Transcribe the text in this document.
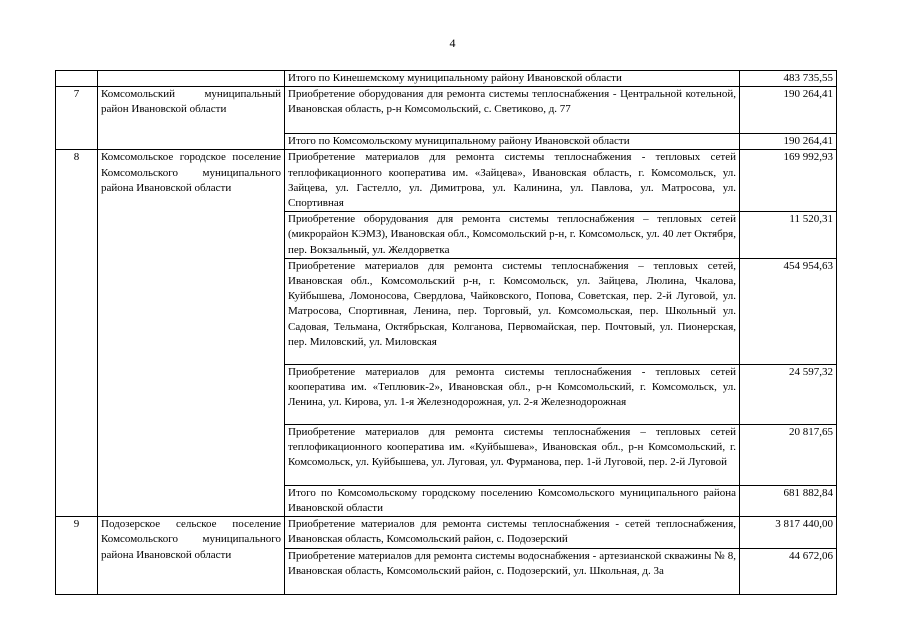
4
		Итого по Кинешемскому муниципальному району Ивановской области	483 735,55
7	Комсомольский муниципальный район Ивановской области	Приобретение оборудования для ремонта системы теплоснабжения - Центральной котельной, Ивановская область, р-н Комсомольский, с. Светиково, д. 77	190 264,41
		Итого по Комсомольскому муниципальному району Ивановской области	190 264,41
8	Комсомольское городское поселение Комсомольского муниципального района Ивановской области	Приобретение материалов для ремонта системы теплоснабжения - тепловых сетей теплофикационного кооператива им. «Зайцева», Ивановская область, г. Комсомольск, ул. Зайцева, ул. Гастелло, ул. Димитрова, ул. Калинина, ул. Павлова, ул. Матросова, ул. Спортивная	169 992,93
		Приобретение оборудования для ремонта системы теплоснабжения – тепловых сетей (микрорайон КЭМЗ), Ивановская обл., Комсомольский р-н, г. Комсомольск, ул. 40 лет Октября, пер. Вокзальный, ул. Желдорветка	11 520,31
		Приобретение материалов для ремонта системы теплоснабжения – тепловых сетей, Ивановская обл., Комсомольский р-н, г. Комсомольск, ул. Зайцева, Люлина, Чкалова, Куйбышева, Ломоносова, Свердлова, Чайковского, Попова, Советская, пер. 2-й Луговой, ул. Матросова, Спортивная, Ленина, пер. Торговый, ул. Комсомольская, пер. Школьный ул. Садовая, Тельмана, Октябрьская, Колганова, Первомайская, пер. Почтовый, ул. Пионерская, пер. Миловский, ул. Миловская	454 954,63
		Приобретение материалов для ремонта системы теплоснабжения - тепловых сетей кооператива им. «Теплювик-2», Ивановская обл., р-н Комсомольский, г. Комсомольск, ул. Ленина, ул. Кирова, ул. 1-я Железнодорожная, ул. 2-я Железнодорожная	24 597,32
		Приобретение материалов для ремонта системы теплоснабжения – тепловых сетей теплофикационного кооператива им. «Куйбышева», Ивановская обл., р-н Комсомольский, г. Комсомольск, ул. Куйбышева, ул. Луговая, ул. Фурманова, пер. 1-й Луговой, пер. 2-й Луговой	20 817,65
		Итого по Комсомольскому городскому поселению Комсомольского муниципального района Ивановской области	681 882,84
9	Подозерское сельское поселение Комсомольского муниципального района Ивановской области	Приобретение материалов для ремонта системы теплоснабжения - сетей теплоснабжения, Ивановская область, Комсомольский район, с. Подозерский	3 817 440,00
		Приобретение материалов для ремонта системы водоснабжения - артезианской скважины № 8, Ивановская область, Комсомольский район, с. Подозерский, ул. Школьная, д. 3а	44 672,06
